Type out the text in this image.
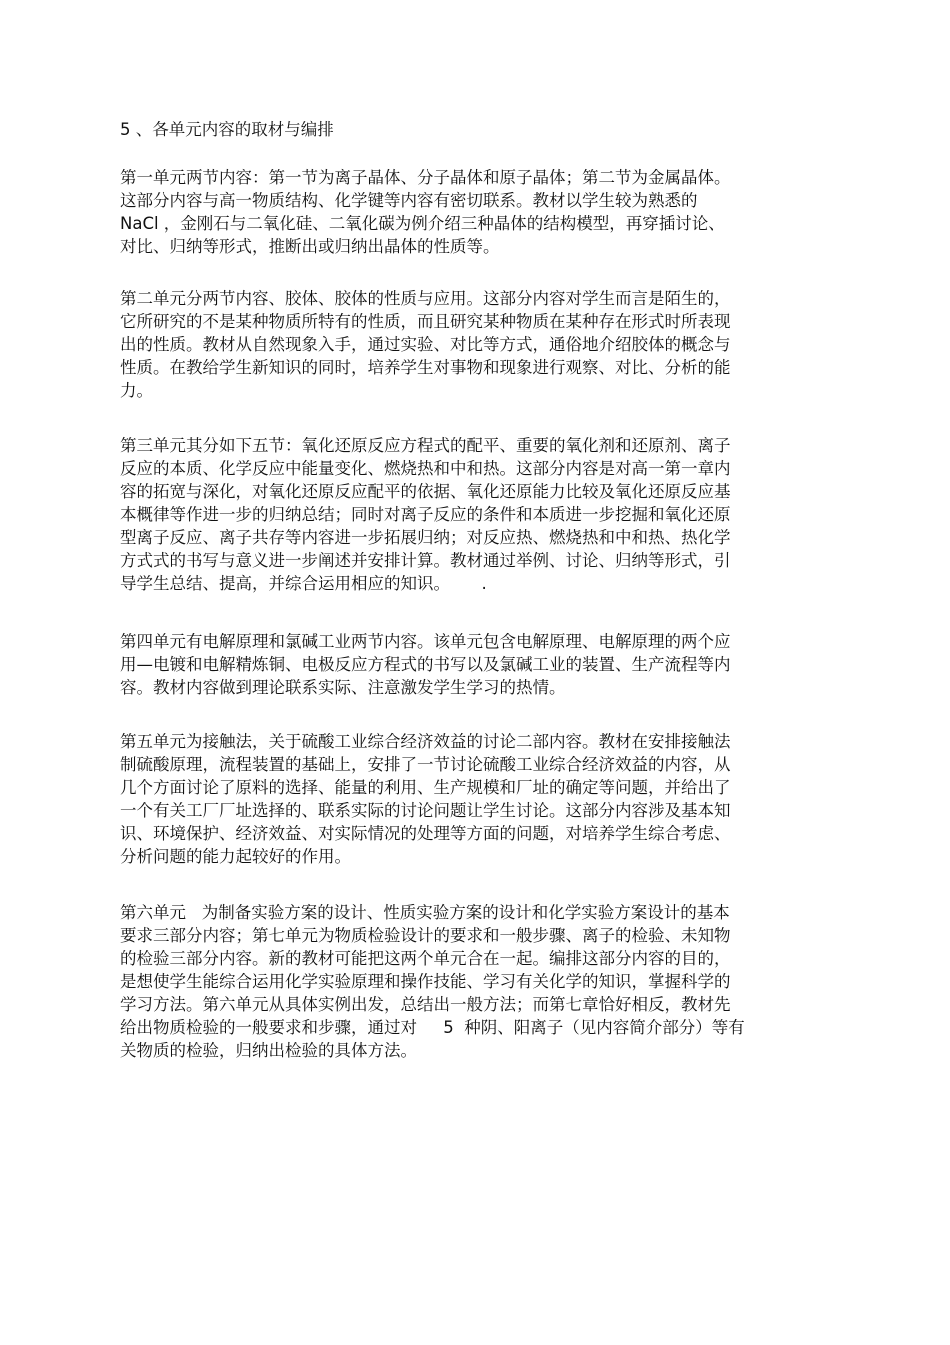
5 、各单元内容的取材与编排
第一单元两节内容：第一节为离子晶体、分子晶体和原子晶体；第二节为金属晶体。
这部分内容与高一物质结构、化学键等内容有密切联系。教材以学生较为熟悉的
NaCl ，金刚石与二氧化硅、二氧化碳为例介绍三种晶体的结构模型，再穿插讨论、
对比、归纳等形式，推断出或归纳出晶体的性质等。
第二单元分两节内容、胶体、胶体的性质与应用。这部分内容对学生而言是陌生的，
它所研究的不是某种物质所特有的性质，而且研究某种物质在某种存在形式时所表现
出的性质。教材从自然现象入手，通过实验、对比等方式，通俗地介绍胶体的概念与
性质。在教给学生新知识的同时，培养学生对事物和现象进行观察、对比、分析的能
力。
第三单元其分如下五节：氧化还原反应方程式的配平、重要的氧化剂和还原剂、离子
反应的本质、化学反应中能量变化、燃烧热和中和热。这部分内容是对高一第一章内
容的拓宽与深化，对氧化还原反应配平的依据、氧化还原能力比较及氧化还原反应基
本概律等作进一步的归纳总结；同时对离子反应的条件和本质进一步挖掘和氧化还原
型离子反应、离子共存等内容进一步拓展归纳；对反应热、燃烧热和中和热、热化学
方式式的书写与意义进一步阐述并安排计算。教材通过举例、讨论、归纳等形式，引
导学生总结、提高，并综合运用相应的知识。      .
第四单元有电解原理和氯碱工业两节内容。该单元包含电解原理、电解原理的两个应
用—电镀和电解精炼铜、电极反应方程式的书写以及氯碱工业的装置、生产流程等内
容。教材内容做到理论联系实际、注意激发学生学习的热情。
第五单元为接触法，关于硫酸工业综合经济效益的讨论二部内容。教材在安排接触法
制硫酸原理，流程装置的基础上，安排了一节讨论硫酸工业综合经济效益的内容，从
几个方面讨论了原料的选择、能量的利用、生产规模和厂址的确定等问题，并给出了
一个有关工厂厂址选择的、联系实际的讨论问题让学生讨论。这部分内容涉及基本知
识、环境保护、经济效益、对实际情况的处理等方面的问题，对培养学生综合考虑、
分析问题的能力起较好的作用。
第六单元   为制备实验方案的设计、性质实验方案的设计和化学实验方案设计的基本
要求三部分内容；第七单元为物质检验设计的要求和一般步骤、离子的检验、未知物
的检验三部分内容。新的教材可能把这两个单元合在一起。编排这部分内容的目的，
是想使学生能综合运用化学实验原理和操作技能、学习有关化学的知识，掌握科学的
学习方法。第六单元从具体实例出发，总结出一般方法；而第七章恰好相反，教材先
给出物质检验的一般要求和步骤，通过对     5  种阴、阳离子（见内容简介部分）等有
关物质的检验，归纳出检验的具体方法。
